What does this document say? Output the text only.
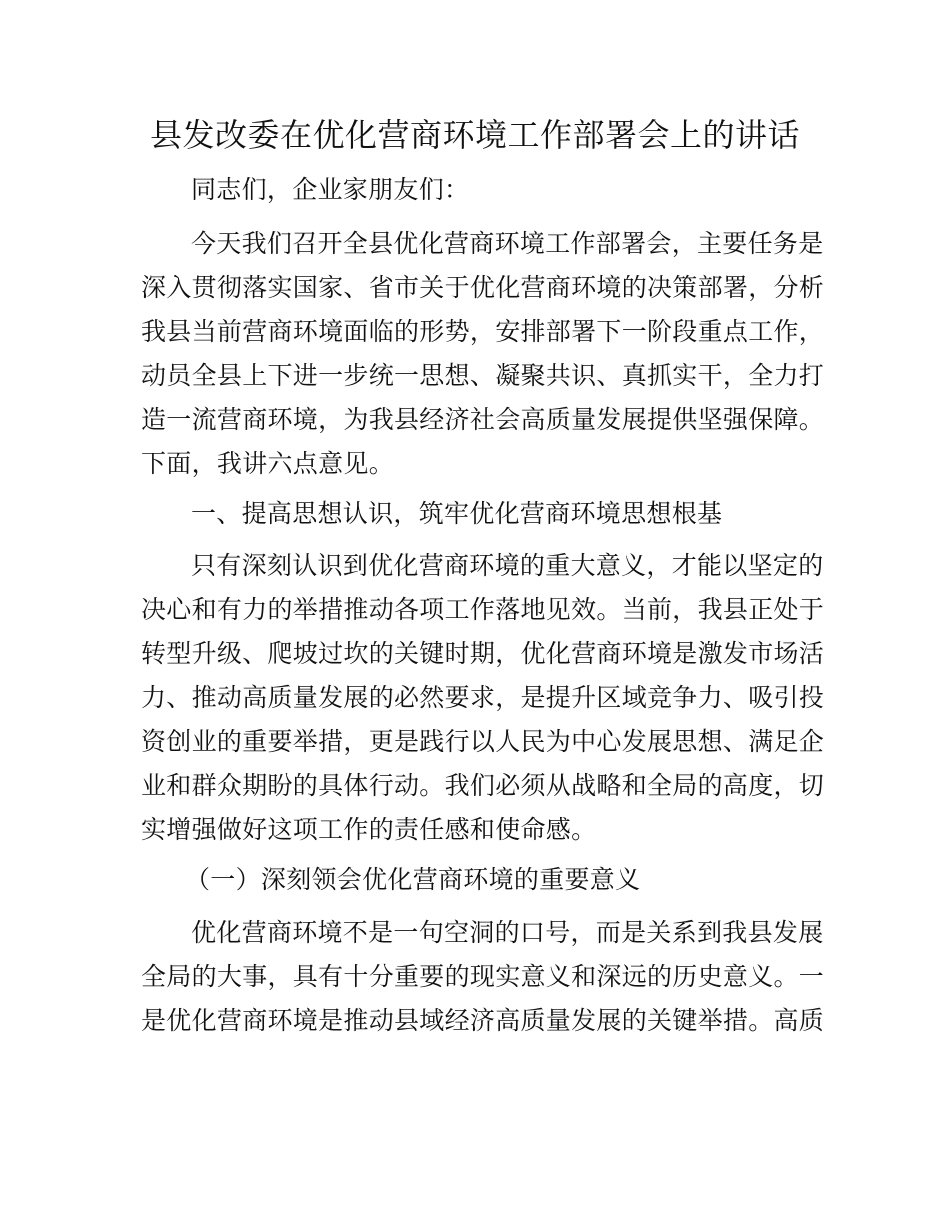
县发改委在优化营商环境工作部署会上的讲话
同志们，企业家朋友们：
今天我们召开全县优化营商环境工作部署会，主要任务是
深入贯彻落实国家、省市关于优化营商环境的决策部署，分析
我县当前营商环境面临的形势，安排部署下一阶段重点工作，
动员全县上下进一步统一思想、凝聚共识、真抓实干，全力打
造一流营商环境，为我县经济社会高质量发展提供坚强保障。
下面，我讲六点意见。
一、提高思想认识，筑牢优化营商环境思想根基
只有深刻认识到优化营商环境的重大意义，才能以坚定的
决心和有力的举措推动各项工作落地见效。当前，我县正处于
转型升级、爬坡过坎的关键时期，优化营商环境是激发市场活
力、推动高质量发展的必然要求，是提升区域竞争力、吸引投
资创业的重要举措，更是践行以人民为中心发展思想、满足企
业和群众期盼的具体行动。我们必须从战略和全局的高度，切
实增强做好这项工作的责任感和使命感。
（一）深刻领会优化营商环境的重要意义
优化营商环境不是一句空洞的口号，而是关系到我县发展
全局的大事，具有十分重要的现实意义和深远的历史意义。一
是优化营商环境是推动县域经济高质量发展的关键举措。高质
